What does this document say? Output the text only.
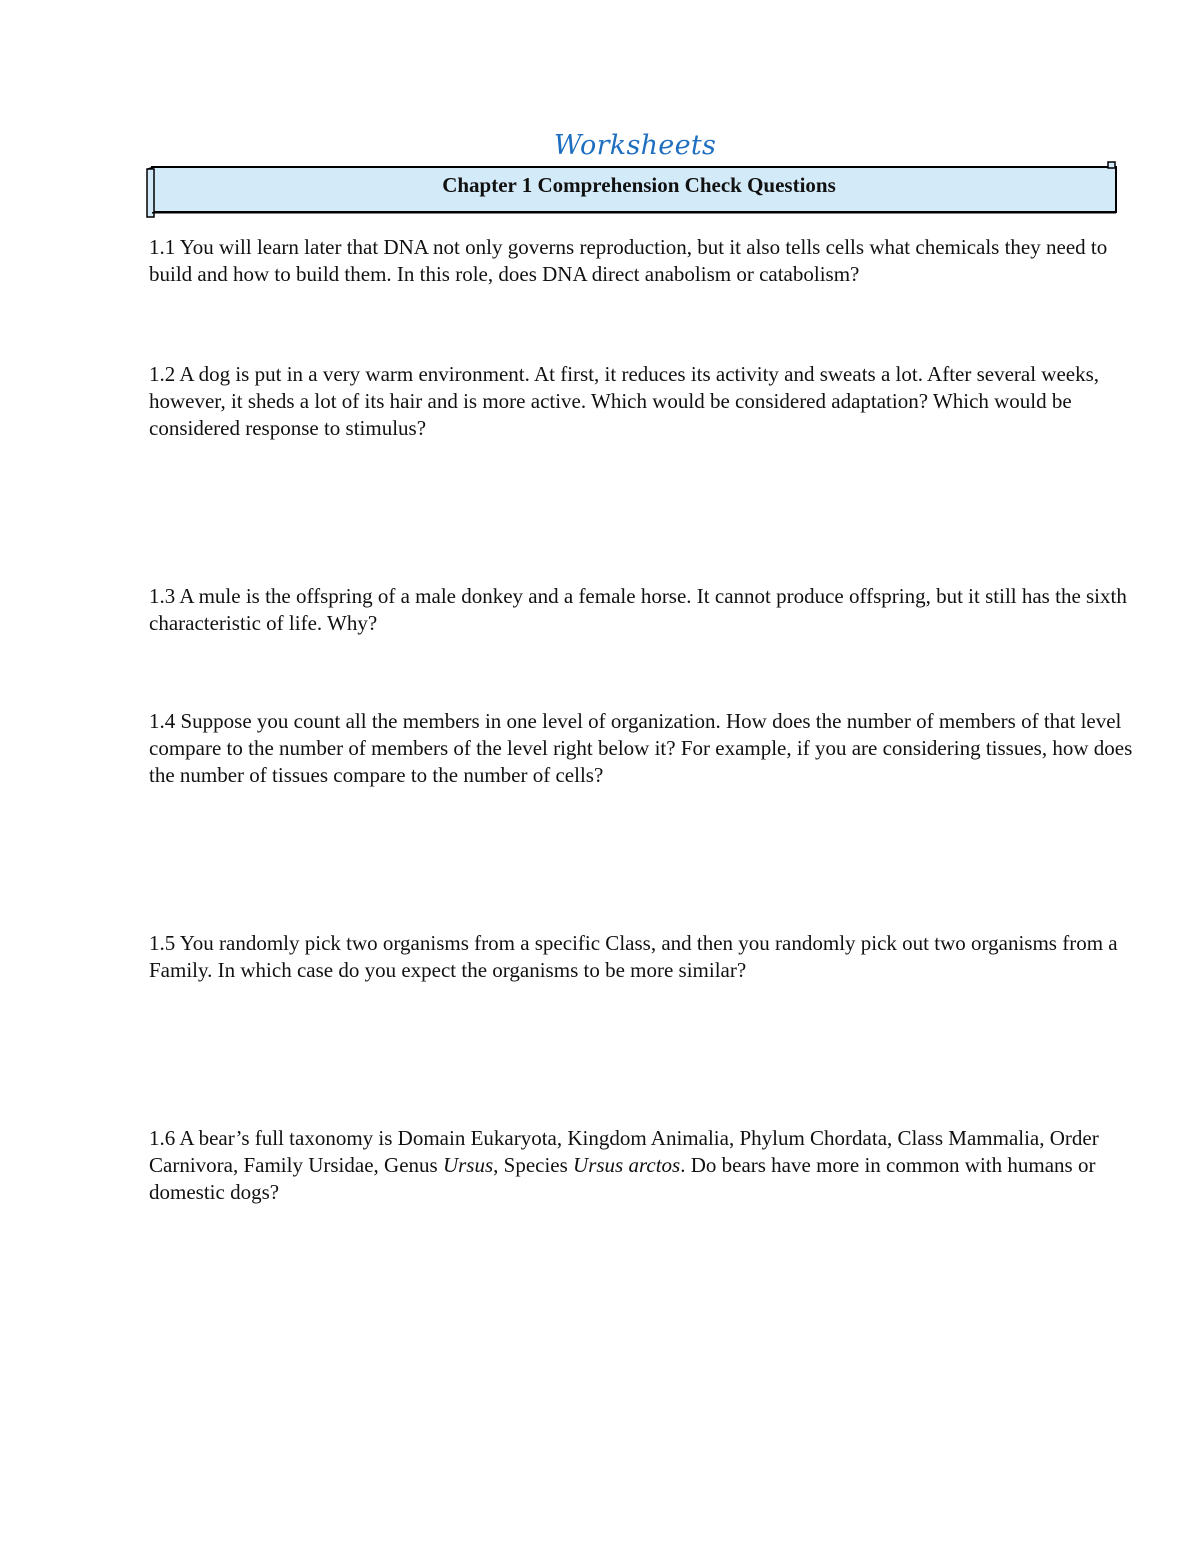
Worksheets
Chapter 1 Comprehension Check Questions

1.1 You will learn later that DNA not only governs reproduction, but it also tells cells what chemicals they need to build and how to build them. In this role, does DNA direct anabolism or catabolism?

1.2 A dog is put in a very warm environment. At first, it reduces its activity and sweats a lot. After several weeks, however, it sheds a lot of its hair and is more active. Which would be considered adaptation? Which would be considered response to stimulus?

1.3 A mule is the offspring of a male donkey and a female horse. It cannot produce offspring, but it still has the sixth characteristic of life. Why?

1.4 Suppose you count all the members in one level of organization. How does the number of members of that level compare to the number of members of the level right below it? For example, if you are considering tissues, how does the number of tissues compare to the number of cells?

1.5 You randomly pick two organisms from a specific Class, and then you randomly pick out two organisms from a Family. In which case do you expect the organisms to be more similar?

1.6 A bear’s full taxonomy is Domain Eukaryota, Kingdom Animalia, Phylum Chordata, Class Mammalia, Order Carnivora, Family Ursidae, Genus Ursus, Species Ursus arctos. Do bears have more in common with humans or domestic dogs?
